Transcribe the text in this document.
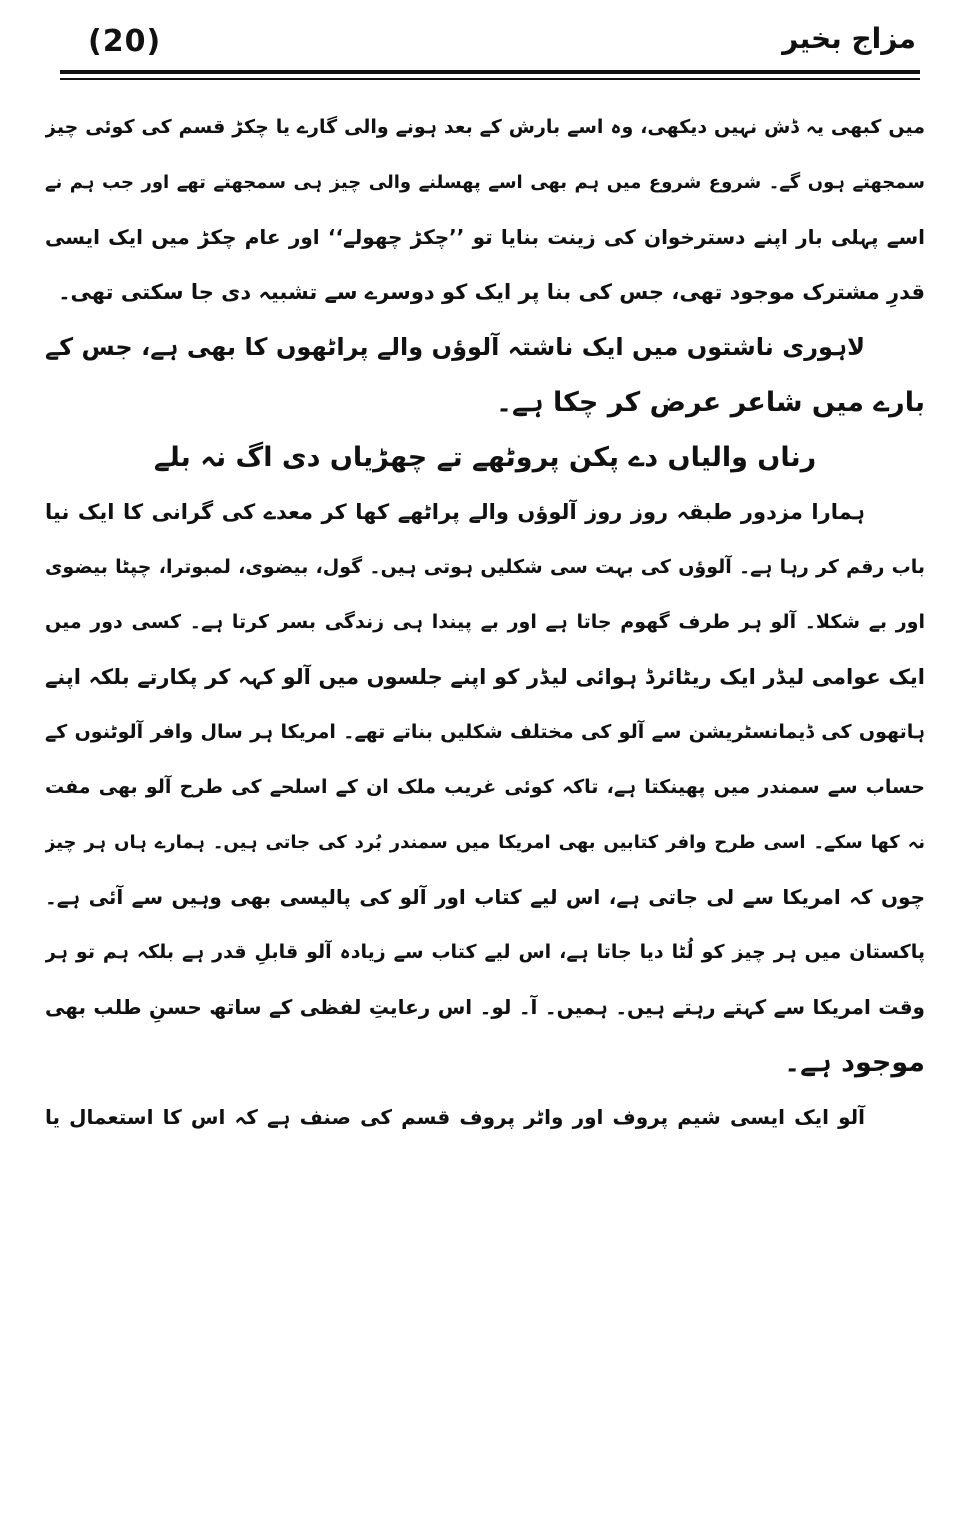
(20)	مزاج بخیر
میں کبھی یہ ڈش نہیں دیکھی، وہ اسے بارش کے بعد ہونے والی گارے یا چکڑ قسم کی کوئی چیز
سمجھتے ہوں گے۔ شروع شروع میں ہم بھی اسے پھسلنے والی چیز ہی سمجھتے تھے اور جب ہم نے
اسے پہلی بار اپنے دسترخوان کی زینت بنایا تو ’’چکڑ چھولے‘‘ اور عام چکڑ میں ایک ایسی
قدرِ مشترک موجود تھی، جس کی بنا پر ایک کو دوسرے سے تشبیہ دی جا سکتی تھی۔
لاہوری ناشتوں میں ایک ناشتہ آلوؤں والے پراٹھوں کا بھی ہے، جس کے
بارے میں شاعر عرض کر چکا ہے۔
رناں والیاں دے پکن پروٹھے تے چھڑیاں دی اگ نہ بلے
ہمارا مزدور طبقہ روز روز آلوؤں والے پراٹھے کھا کر معدے کی گرانی کا ایک نیا
باب رقم کر رہا ہے۔ آلوؤں کی بہت سی شکلیں ہوتی ہیں۔ گول، بیضوی، لمبوترا، چپٹا بیضوی
اور بے شکلا۔ آلو ہر طرف گھوم جاتا ہے اور بے پیندا ہی زندگی بسر کرتا ہے۔ کسی دور میں
ایک عوامی لیڈر ایک ریٹائرڈ ہوائی لیڈر کو اپنے جلسوں میں آلو کہہ کر پکارتے بلکہ اپنے
ہاتھوں کی ڈیمانسٹریشن سے آلو کی مختلف شکلیں بناتے تھے۔ امریکا ہر سال وافر آلوٹنوں کے
حساب سے سمندر میں پھینکتا ہے، تاکہ کوئی غریب ملک ان کے اسلحے کی طرح آلو بھی مفت
نہ کھا سکے۔ اسی طرح وافر کتابیں بھی امریکا میں سمندر بُرد کی جاتی ہیں۔ ہمارے ہاں ہر چیز
چوں کہ امریکا سے لی جاتی ہے، اس لیے کتاب اور آلو کی پالیسی بھی وہیں سے آئی ہے۔
پاکستان میں ہر چیز کو لُٹا دیا جاتا ہے، اس لیے کتاب سے زیادہ آلو قابلِ قدر ہے بلکہ ہم تو ہر
وقت امریکا سے کہتے رہتے ہیں۔ ہمیں۔ آ۔ لو۔ اس رعایتِ لفظی کے ساتھ حسنِ طلب بھی
موجود ہے۔
آلو ایک ایسی شیم پروف اور واٹر پروف قسم کی صنف ہے کہ اس کا استعمال یا
